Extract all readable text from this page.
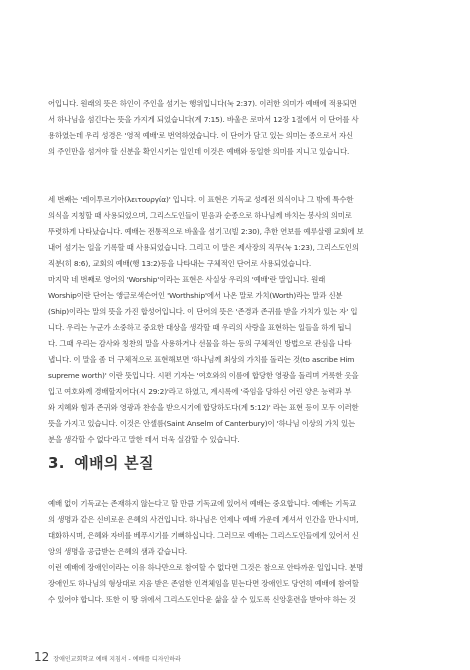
어입니다. 원래의 뜻은 하인이 주인을 섬기는 행위입니다(눅 2:37). 이러한 의미가 예배에 적용되면
서 하나님을 섬긴다는 뜻을 가지게 되었습니다(계 7:15). 바울은 로마서 12장 1절에서 이 단어를 사
용하였는데 우리 성경은 '영적 예배'로 번역하였습니다. 이 단어가 담고 있는 의미는 종으로서 자신
의 주인만을 섬겨야 할 신분을 확인시키는 일인데 이것은 예배와 동일한 의미를 지니고 있습니다.
세 번째는 '레이투르기아(λειτουργία)' 입니다. 이 표현은 기독교 성례전 의식이나 그 밖에 특수한
의식을 지칭할 때 사용되었으며, 그리스도인들이 믿음과 순종으로 하나님께 바치는 봉사의 의미로
뚜렷하게 나타났습니다. 예배는 전통적으로 바울을 섬기고(빌 2:30), 추한 연보를 예루살렘 교회에 보
내어 섬기는 일을 기록할 때 사용되었습니다. 그리고 이 말은 제사장의 직무(눅 1:23), 그리스도인의
직분(히 8:6), 교회의 예배(행 13:2)등을 나타내는 구체적인 단어로 사용되었습니다.
마지막 네 번째로 영어의 'Worship'이라는 표현은 사실상 우리의 '예배'란 말입니다. 원래
Worship이란 단어는 앵글로색슨어인 'Worthship'에서 나온 말로 가치(Worth)라는 말과 신분
(Ship)이라는 말의 뜻을 가진 합성어입니다. 이 단어의 뜻은 '존경과 존귀를 받을 가치가 있는 자' 입
니다. 우리는 누군가 소중하고 중요한 대상을 생각할 때 우리의 사랑을 표현하는 일들을 하게 됩니
다. 그때 우리는 감사와 칭찬의 말을 사용하거나 선물을 하는 등의 구체적인 방법으로 관심을 나타
냅니다. 이 말을 좀 더 구체적으로 표현해보면 '하나님께 최상의 가치를 돌리는 것(to ascribe Him
supreme worth)' 이란 뜻입니다. 시편 기자는 '여호와의 이름에 합당한 영광을 돌리며 거룩한 옷을
입고 여호와께 경배할지어다(시 29:2)'라고 하였고, 계시록에 '죽임을 당하신 어린 양은 능력과 부
와 지혜와 힘과 존귀와 영광과 찬송을 받으시기에 합당하도다(계 5:12)' 라는 표현 등이 모두 이러한
뜻을 가지고 있습니다. 이것은 안셀름(Saint Anselm of Canterbury)이 '하나님 이상의 가치 있는
분을 생각할 수 없다'라고 말한 데서 더욱 실감할 수 있습니다.
3. 예배의 본질
예배 없이 기독교는 존재하지 않는다고 할 만큼 기독교에 있어서 예배는 중요합니다. 예배는 기독교
의 생명과 같은 신비로운 은혜의 사건입니다. 하나님은 언제나 예배 가운데 계셔서 인간을 만나시며,
대화하시며, 은혜와 자비를 베푸시기를 기뻐하십니다. 그러므로 예배는 그리스도인들에게 있어서 신
앙의 생명을 공급받는 은혜의 샘과 같습니다.
이런 예배에 장애인이라는 이유 하나만으로 참여할 수 없다면 그것은 참으로 안타까운 일입니다. 분명
장애인도 하나님의 형상대로 지음 받은 존엄한 인격체임을 믿는다면 장애인도 당연히 예배에 참여할
수 있어야 합니다. 또한 이 땅 위에서 그리스도인다운 삶을 살 수 있도록 신앙훈련을 받아야 하는 것
12 장애인교회학교 예배 지침서 - 예배를 디자인하라
